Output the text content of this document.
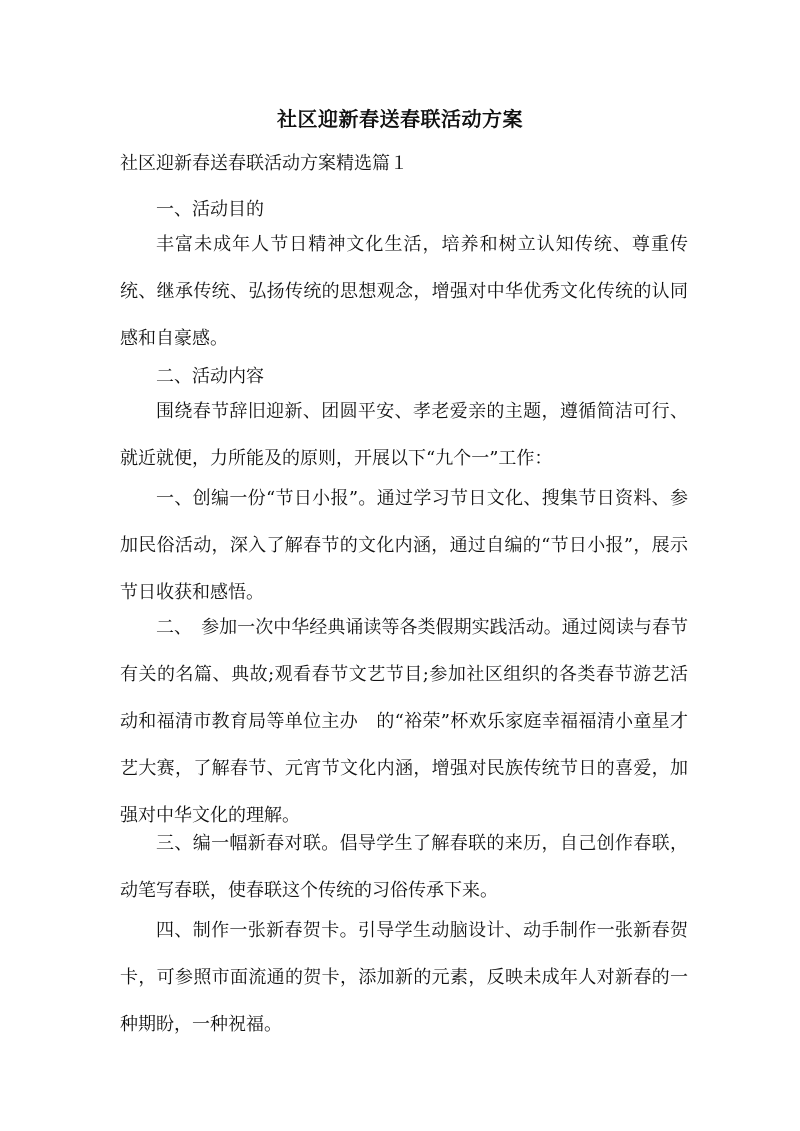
社区迎新春送春联活动方案
社区迎新春送春联活动方案精选篇１

一、活动目的

丰富未成年人节日精神文化生活，培养和树立认知传统、尊重传统、继承传统、弘扬传统的思想观念，增强对中华优秀文化传统的认同感和自豪感。

二、活动内容

围绕春节辞旧迎新、团圆平安、孝老爱亲的主题，遵循简洁可行、就近就便，力所能及的原则，开展以下“九个一”工作：

一、创编一份“节日小报”。通过学习节日文化、搜集节日资料、参加民俗活动，深入了解春节的文化内涵，通过自编的“节日小报”，展示节日收获和感悟。

二、　参加一次中华经典诵读等各类假期实践活动。通过阅读与春节有关的名篇、典故;观看春节文艺节目;参加社区组织的各类春节游艺活动和福清市教育局等单位主办　的“裕荣”杯欢乐家庭幸福福清小童星才艺大赛，了解春节、元宵节文化内涵，增强对民族传统节日的喜爱，加强对中华文化的理解。

三、编一幅新春对联。倡导学生了解春联的来历，自己创作春联，动笔写春联，使春联这个传统的习俗传承下来。

四、制作一张新春贺卡。引导学生动脑设计、动手制作一张新春贺卡，可参照市面流通的贺卡，添加新的元素，反映未成年人对新春的一种期盼，一种祝福。
